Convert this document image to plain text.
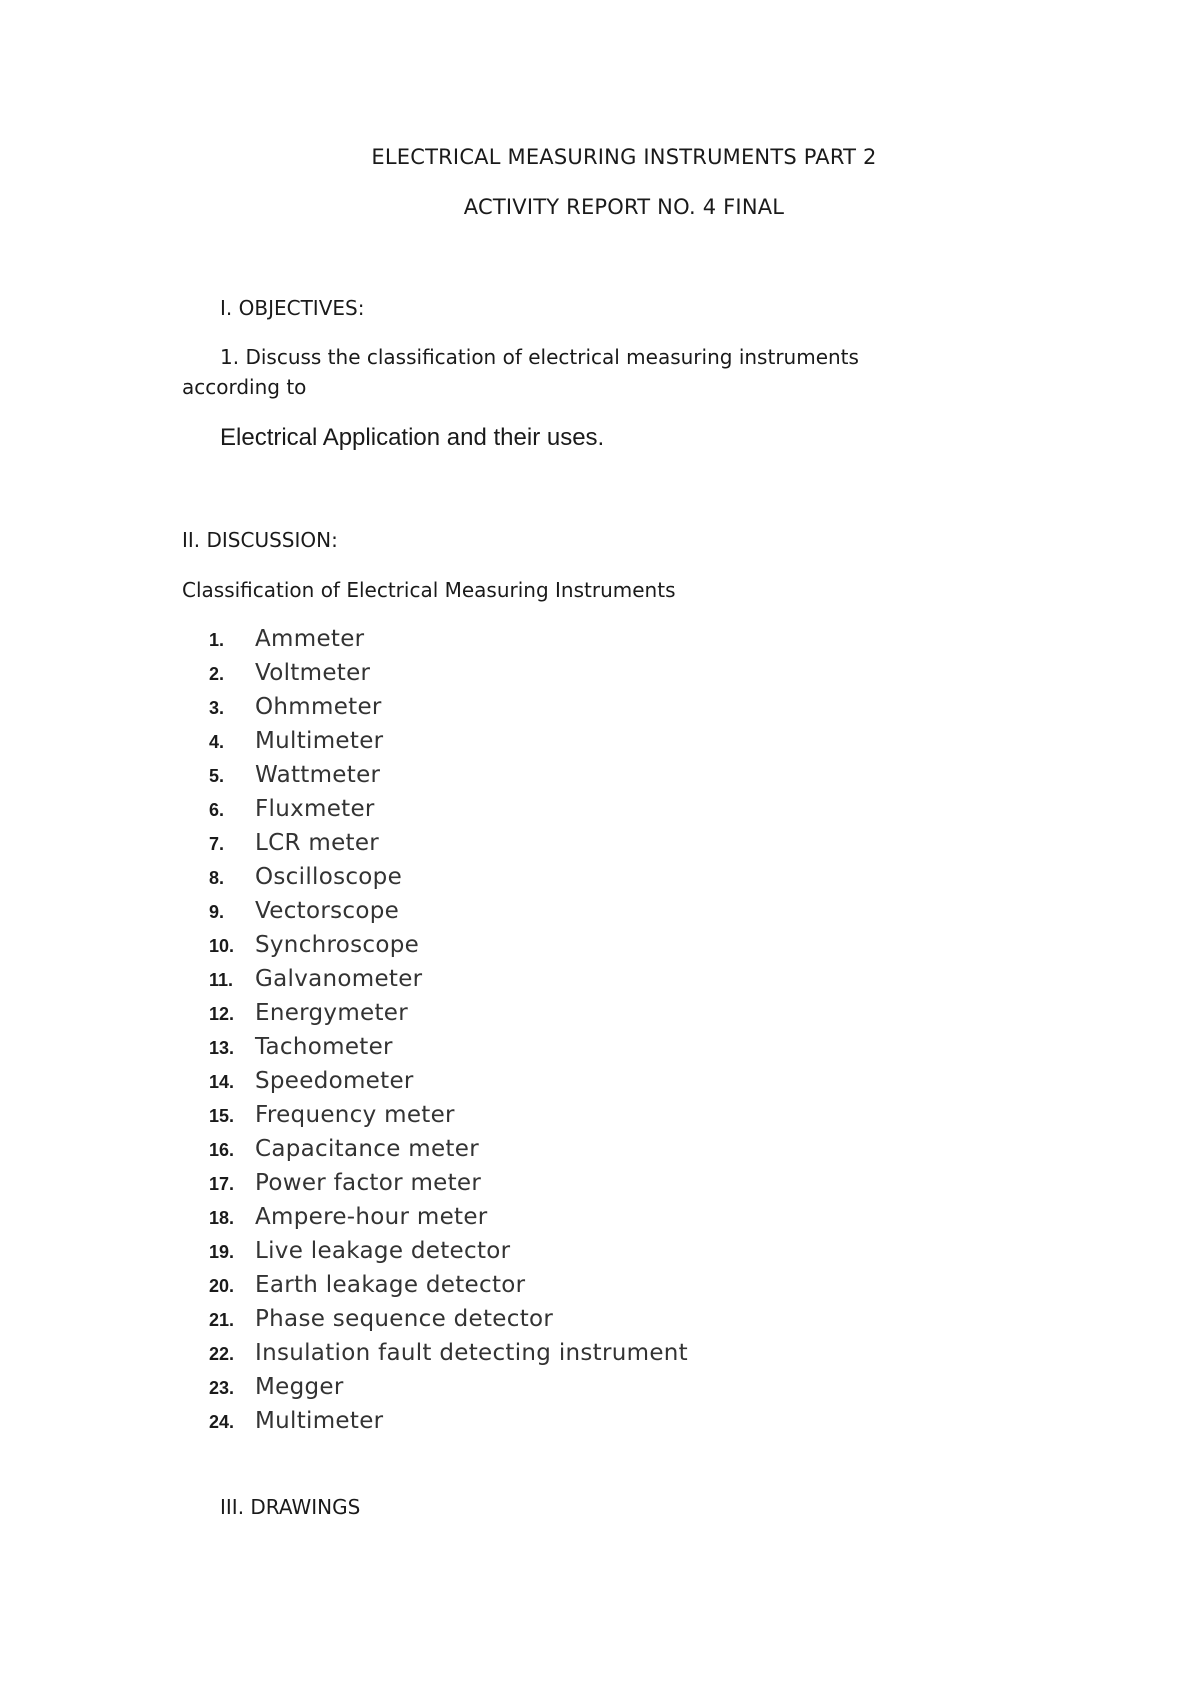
ELECTRICAL MEASURING INSTRUMENTS PART 2
ACTIVITY REPORT NO. 4 FINAL
I. OBJECTIVES:
1. Discuss the classification of electrical measuring instruments
according to
Electrical Application and their uses.
II. DISCUSSION:
Classification of Electrical Measuring Instruments
1. Ammeter
2. Voltmeter
3. Ohmmeter
4. Multimeter
5. Wattmeter
6. Fluxmeter
7. LCR meter
8. Oscilloscope
9. Vectorscope
10. Synchroscope
11. Galvanometer
12. Energymeter
13. Tachometer
14. Speedometer
15. Frequency meter
16. Capacitance meter
17. Power factor meter
18. Ampere-hour meter
19. Live leakage detector
20. Earth leakage detector
21. Phase sequence detector
22. Insulation fault detecting instrument
23. Megger
24. Multimeter
III. DRAWINGS
